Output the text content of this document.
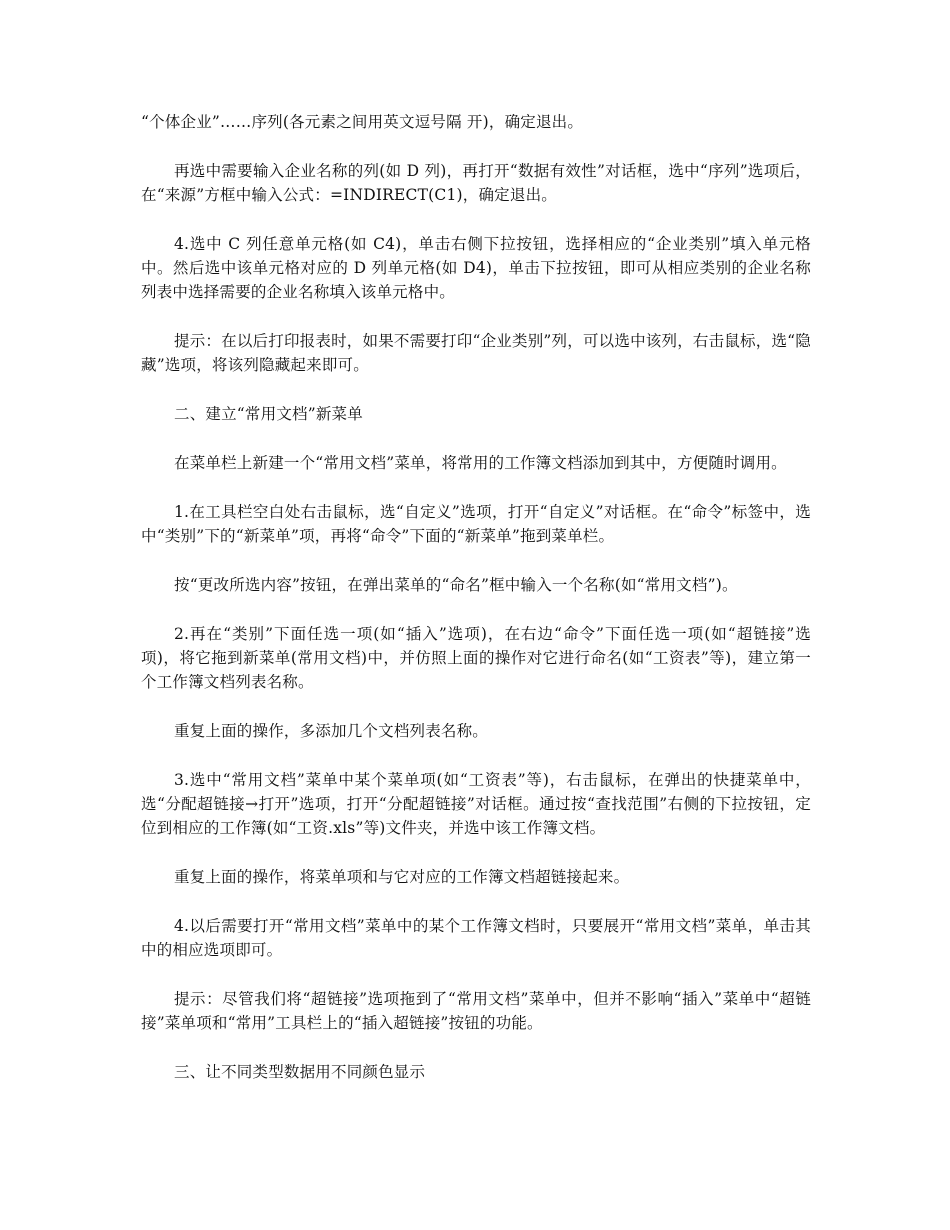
“个体企业”……序列(各元素之间用英文逗号隔 开)，确定退出。

再选中需要输入企业名称的列(如 D 列)，再打开“数据有效性”对话框，选中“序列”选项后，在“来源”方框中输入公式：=INDIRECT(C1)，确定退出。

4.选中 C 列任意单元格(如 C4)，单击右侧下拉按钮，选择相应的“企业类别”填入单元格中。然后选中该单元格对应的 D 列单元格(如 D4)，单击下拉按钮，即可从相应类别的企业名称列表中选择需要的企业名称填入该单元格中。

提示：在以后打印报表时，如果不需要打印“企业类别”列，可以选中该列，右击鼠标，选“隐藏”选项，将该列隐藏起来即可。

二、建立“常用文档”新菜单

在菜单栏上新建一个“常用文档”菜单，将常用的工作簿文档添加到其中，方便随时调用。

1.在工具栏空白处右击鼠标，选“自定义”选项，打开“自定义”对话框。在“命令”标签中，选中“类别”下的“新菜单”项，再将“命令”下面的“新菜单”拖到菜单栏。

按“更改所选内容”按钮，在弹出菜单的“命名”框中输入一个名称(如“常用文档”)。

2.再在“类别”下面任选一项(如“插入”选项)，在右边“命令”下面任选一项(如“超链接”选项)，将它拖到新菜单(常用文档)中，并仿照上面的操作对它进行命名(如“工资表”等)，建立第一个工作簿文档列表名称。

重复上面的操作，多添加几个文档列表名称。

3.选中“常用文档”菜单中某个菜单项(如“工资表”等)，右击鼠标，在弹出的快捷菜单中，选“分配超链接→打开”选项，打开“分配超链接”对话框。通过按“查找范围”右侧的下拉按钮，定位到相应的工作簿(如“工资.xls”等)文件夹，并选中该工作簿文档。

重复上面的操作，将菜单项和与它对应的工作簿文档超链接起来。

4.以后需要打开“常用文档”菜单中的某个工作簿文档时，只要展开“常用文档”菜单，单击其中的相应选项即可。

提示：尽管我们将“超链接”选项拖到了“常用文档”菜单中，但并不影响“插入”菜单中“超链接”菜单项和“常用”工具栏上的“插入超链接”按钮的功能。

三、让不同类型数据用不同颜色显示
